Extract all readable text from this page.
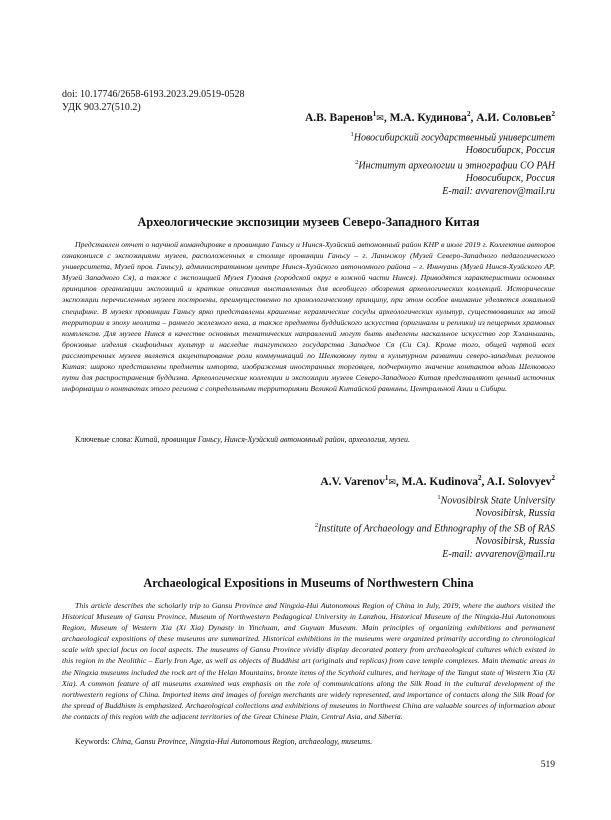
doi: 10.17746/2658-6193.2023.29.0519-0528
УДК 903.27(510.2)
А.В. Варенов$^1$✉, М.А. Кудинова$^2$, А.И. Соловьев$^2$
$^1$Новосибирский государственный университет
Новосибирск, Россия
$^2$Институт археологии и этнографии СО РАН
Новосибирск, Россия
E-mail: avvarenov@mail.ru
Археологические экспозиции музеев Северо-Западного Китая

Представлен отчет о научной командировке в провинцию Ганьсу и Нинся-Хуэйский автономный район КНР в июле 2019 г. Коллектив авторов ознакомился с экспозициями музеев, расположенных в столице провинции Ганьсу – г. Ланьчжоу (Музей Северо-Западного педагогического университета, Музей пров. Ганьсу), административном центре Нинся-Хуэйского автономного района – г. Иньчуань (Музей Нинся-Хуэйского АР, Музей Западного Ся), а также с экспозицией Музея Гуюаня (городской округ в южной части Нинся). Приводятся характеристики основных принципов организации экспозиций и краткие описания выставленных для всеобщего обозрения археологических коллекций. Исторические экспозиции перечисленных музеев построены, преимущественно по хронологическому принципу, при этом особое внимание уделяется локальной специфике. В музеях провинции Ганьсу ярко представлены крашеные керамические сосуды археологических культур, существовавших на этой территории в эпоху неолита – раннего железного века, а также предметы буддийского искусства (оригиналы и реплики) из пещерных храмовых комплексов. Для музеев Нинся в качестве основных тематических направлений могут быть выделены наскальное искусство гор Хэланьшань, бронзовые изделия скифоидных культур и наследие тангутского государства Западное Ся (Си Ся). Кроме того, общей чертой всех рассмотренных музеев является акцентирование роли коммуникаций по Шелковому пути в культурном развитии северо-западных регионов Китая: широко представлены предметы импорта, изображения иностранных торговцев, подчеркнуто значение контактов вдоль Шелкового пути для распространения буддизма. Археологические коллекции и экспозиции музеев Северо-Западного Китая представляют ценный источник информации о контактах этого региона с сопредельными территориями Великой Китайской равнины, Центральной Азии и Сибири.

Ключевые слова: Китай, провинция Ганьсу, Нинся-Хуэйский автономный район, археология, музеи.
A.V. Varenov$^1$✉, M.A. Kudinova$^2$, A.I. Solovyev$^2$
$^1$Novosibirsk State University
Novosibirsk, Russia
$^2$Institute of Archaeology and Ethnography of the SB of RAS
Novosibirsk, Russia
E-mail: avvarenov@mail.ru
Archaeological Expositions in Museums of Northwestern China

This article describes the scholarly trip to Gansu Province and Ningxia-Hui Autonomous Region of China in July, 2019, where the authors visited the Historical Museum of Gansu Province, Museum of Northwestern Pedagogical University in Lanzhou, Historical Museum of the Ningxia-Hui Autonomous Region, Museum of Western Xia (Xi Xia) Dynasty in Yinchuan, and Guyuan Museum. Main principles of organizing exhibitions and permanent archaeological expositions of these museums are summarized. Historical exhibitions in the museums were organized primarily according to chronological scale with special focus on local aspects. The museums of Gansu Province vividly display decorated pottery from archaeological cultures which existed in this region in the Neolithic – Early Iron Age, as well as objects of Buddhist art (originals and replicas) from cave temple complexes. Main thematic areas in the Ningxia museums included the rock art of the Helan Mountains, bronze items of the Scythoid cultures, and heritage of the Tangut state of Western Xia (Xi Xia). A common feature of all museums examined was emphasis on the role of communications along the Silk Road in the cultural development of the northwestern regions of China. Imported items and images of foreign merchants are widely represented, and importance of contacts along the Silk Road for the spread of Buddhism is emphasized. Archaeological collections and exhibitions of museums in Northwest China are valuable sources of information about the contacts of this region with the adjacent territories of the Great Chinese Plain, Central Asia, and Siberia.

Keywords: China, Gansu Province, Ningxia-Hui Autonomous Region, archaeology, museums.
519
